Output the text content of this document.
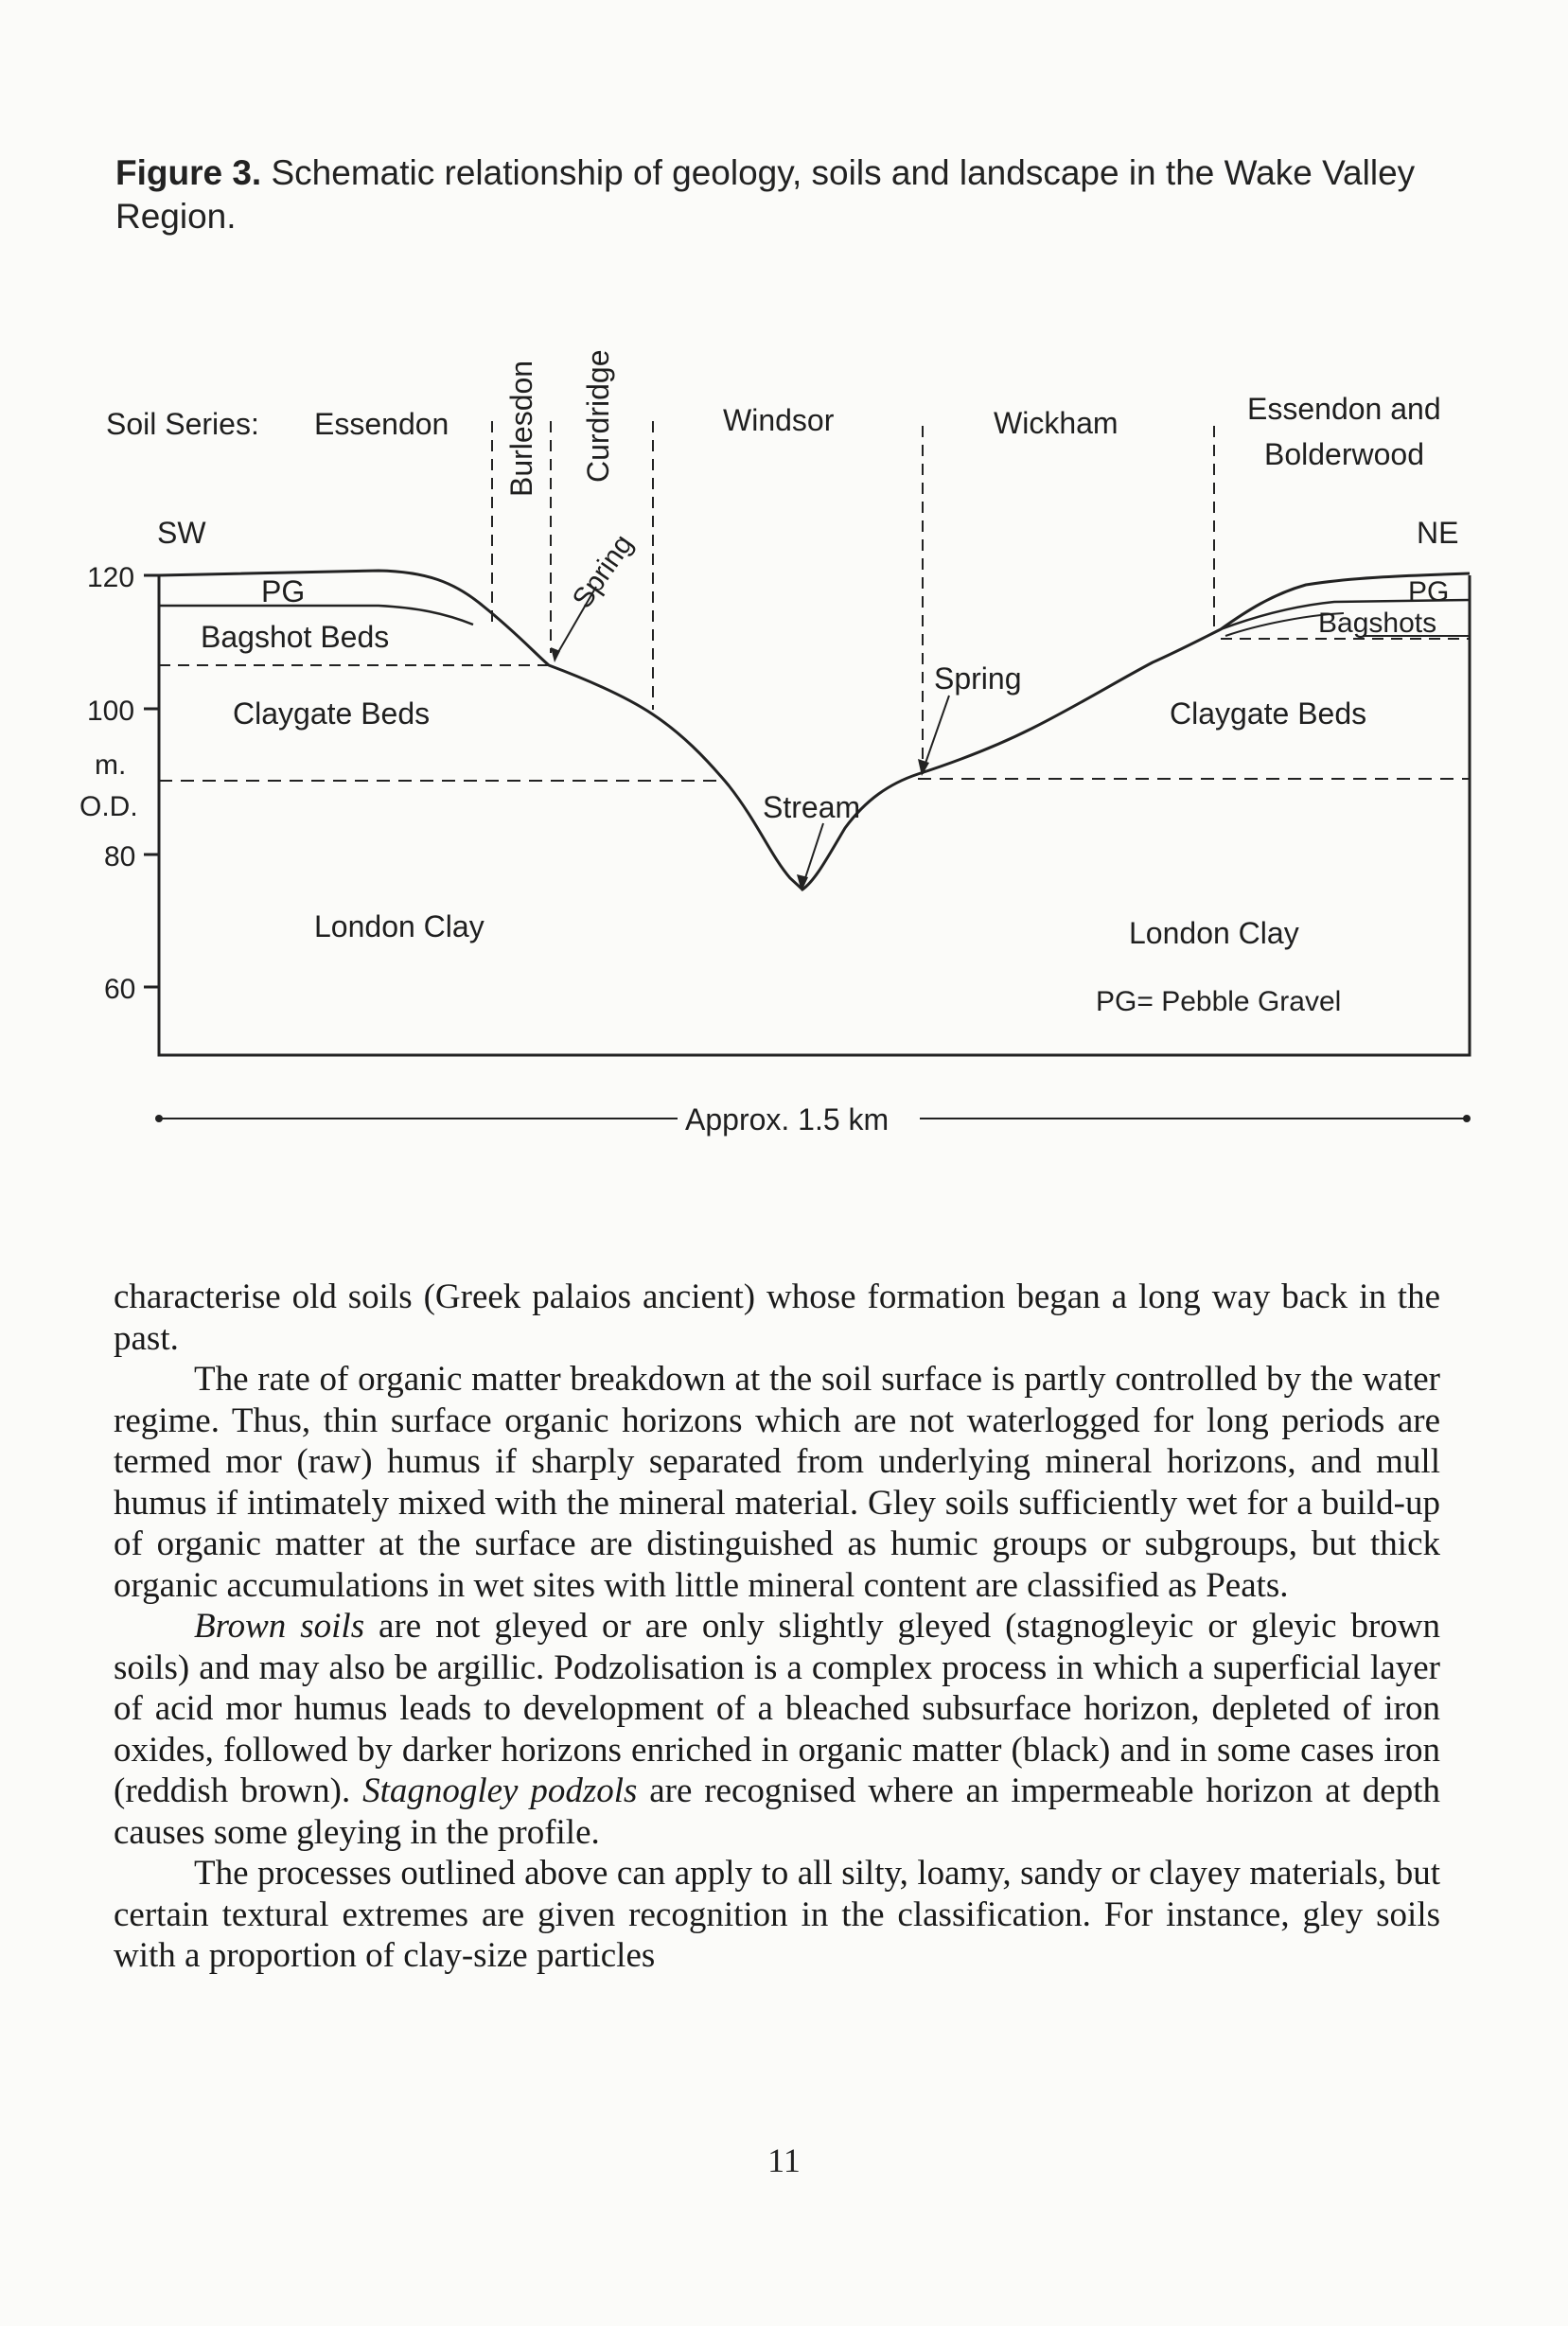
Figure 3. Schematic relationship of geology, soils and landscape in the Wake Valley Region.
Soil Series: Essendon Burlesdon Curdridge	Windsor	Wickham	Essendon and
Bolderwood
SW	NE
120
100
m.
O.D.
80
60
PG
Bagshot Beds
Claygate Beds
London Clay
PG
Bagshots
Claygate Beds
London Clay
Spring
Spring
Stream
PG= Pebble Gravel
Approx. 1.5 km

characterise old soils (Greek palaios ancient) whose formation began a long way back in the past.

The rate of organic matter breakdown at the soil surface is partly controlled by the water regime. Thus, thin surface organic horizons which are not waterlogged for long periods are termed mor (raw) humus if sharply separated from underlying mineral horizons, and mull humus if intimately mixed with the mineral material. Gley soils sufficiently wet for a build-up of organic matter at the surface are distinguished as humic groups or subgroups, but thick organic accumulations in wet sites with little mineral content are classified as Peats.

Brown soils are not gleyed or are only slightly gleyed (stagnogleyic or gleyic brown soils) and may also be argillic. Podzolisation is a complex process in which a superficial layer of acid mor humus leads to development of a bleached subsurface horizon, depleted of iron oxides, followed by darker horizons enriched in organic matter (black) and in some cases iron (reddish brown). Stagnogley podzols are recognised where an impermeable horizon at depth causes some gleying in the profile.

The processes outlined above can apply to all silty, loamy, sandy or clayey materials, but certain textural extremes are given recognition in the classification. For instance, gley soils with a proportion of clay-size particles

11
